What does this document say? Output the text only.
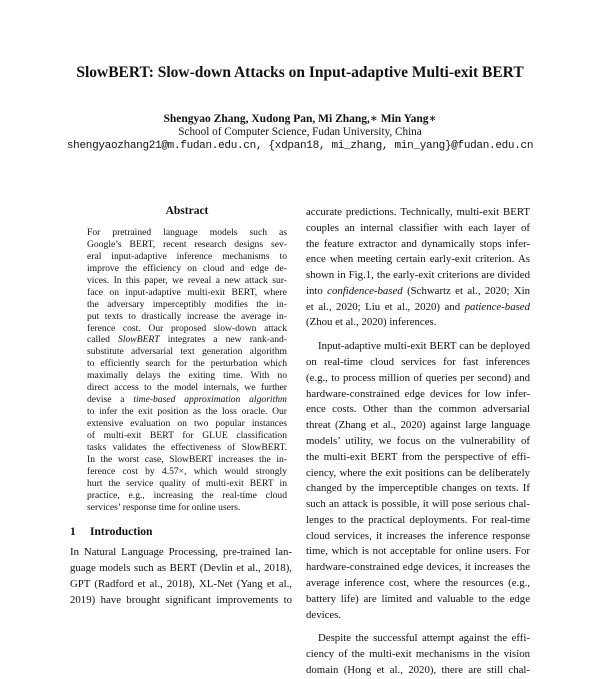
SlowBERT: Slow-down Attacks on Input-adaptive Multi-exit BERT
Shengyao Zhang, Xudong Pan, Mi Zhang,∗ Min Yang∗
School of Computer Science, Fudan University, China
shengyaozhang21@m.fudan.edu.cn, {xdpan18, mi_zhang, min_yang}@fudan.edu.cn
Abstract
For pretrained language models such as
Google’s BERT, recent research designs sev-
eral input-adaptive inference mechanisms to
improve the efficiency on cloud and edge de-
vices. In this paper, we reveal a new attack sur-
face on input-adaptive multi-exit BERT, where
the adversary imperceptibly modifies the in-
put texts to drastically increase the average in-
ference cost. Our proposed slow-down attack
called SlowBERT integrates a new rank-and-
substitute adversarial text generation algorithm
to efficiently search for the perturbation which
maximally delays the exiting time. With no
direct access to the model internals, we further
devise a time-based approximation algorithm
to infer the exit position as the loss oracle. Our
extensive evaluation on two popular instances
of multi-exit BERT for GLUE classification
tasks validates the effectiveness of SlowBERT.
In the worst case, SlowBERT increases the in-
ference cost by 4.57×, which would strongly
hurt the service quality of multi-exit BERT in
practice, e.g., increasing the real-time cloud
services’ response time for online users.
1 Introduction
In Natural Language Processing, pre-trained lan-
guage models such as BERT (Devlin et al., 2018),
GPT (Radford et al., 2018), XL-Net (Yang et al.,
2019) have brought significant improvements to
accurate predictions. Technically, multi-exit BERT
couples an internal classifier with each layer of
the feature extractor and dynamically stops infer-
ence when meeting certain early-exit criterion. As
shown in Fig.1, the early-exit criterions are divided
into confidence-based (Schwartz et al., 2020; Xin
et al., 2020; Liu et al., 2020) and patience-based
(Zhou et al., 2020) inferences.
Input-adaptive multi-exit BERT can be deployed
on real-time cloud services for fast inferences
(e.g., to process million of queries per second) and
hardware-constrained edge devices for low infer-
ence costs. Other than the common adversarial
threat (Zhang et al., 2020) against large language
models’ utility, we focus on the vulnerability of
the multi-exit BERT from the perspective of effi-
ciency, where the exit positions can be deliberately
changed by the imperceptible changes on texts. If
such an attack is possible, it will pose serious chal-
lenges to the practical deployments. For real-time
cloud services, it increases the inference response
time, which is not acceptable for online users. For
hardware-constrained edge devices, it increases the
average inference cost, where the resources (e.g.,
battery life) are limited and valuable to the edge
devices.
Despite the successful attempt against the effi-
ciency of the multi-exit mechanisms in the vision
domain (Hong et al., 2020), there are still chal-
